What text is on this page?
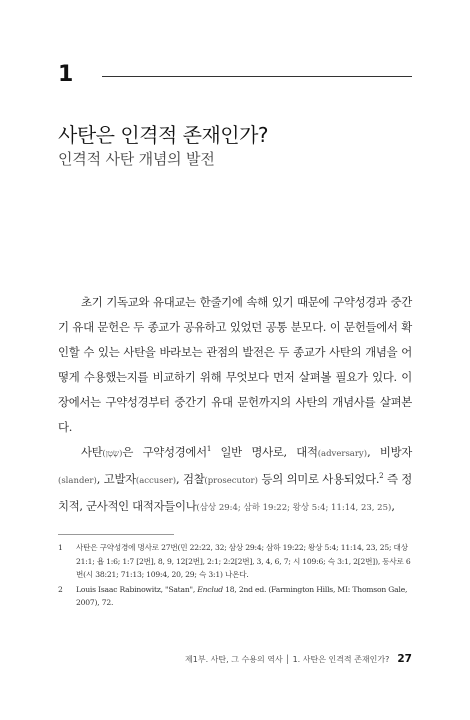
1
사탄은 인격적 존재인가?
인격적 사탄 개념의 발전

초기 기독교와 유대교는 한줄기에 속해 있기 때문에 구약성경과 중간기 유대 문헌은 두 종교가 공유하고 있었던 공통 분모다. 이 문헌들에서 확인할 수 있는 사탄을 바라보는 관점의 발전은 두 종교가 사탄의 개념을 어떻게 수용했는지를 비교하기 위해 무엇보다 먼저 살펴볼 필요가 있다. 이 장에서는 구약성경부터 중간기 유대 문헌까지의 사탄의 개념사를 살펴본다.

사탄(שָׂטָן)은 구약성경에서$^1$ 일반 명사로, 대적(adversary), 비방자(slander), 고발자(accuser), 검찰(prosecutor) 등의 의미로 사용되었다.$^2$ 즉 정치적, 군사적인 대적자들이나(삼상 29:4; 삼하 19:22; 왕상 5:4; 11:14, 23, 25),

1	사탄은 구약성경에 명사로 27번(민 22:22, 32; 삼상 29:4; 삼하 19:22; 왕상 5:4; 11:14, 23, 25; 대상 21:1; 욥 1:6; 1:7 [2번], 8, 9, 12[2번], 2:1; 2:2[2번], 3, 4, 6, 7; 시 109:6; 슥 3:1, 2[2번]), 동사로 6번(시 38:21; 71:13; 109:4, 20, 29; 슥 3:1) 나온다.
2	Louis Isaac Rabinowitz, "Satan", Enclud 18, 2nd ed. (Farmington Hills, MI: Thomson Gale, 2007), 72.
제1부. 사탄, 그 수용의 역사 │ 1. 사탄은 인격적 존재인가? 27
